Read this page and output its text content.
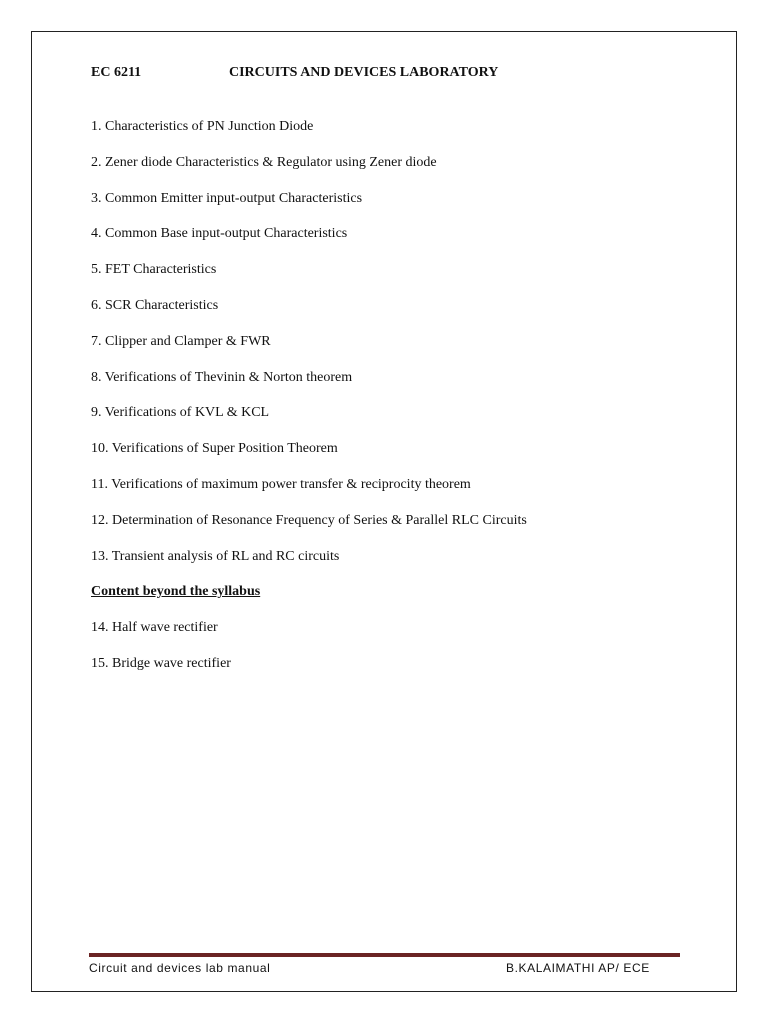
EC 6211	CIRCUITS AND DEVICES LABORATORY
1. Characteristics of PN Junction Diode
2. Zener diode Characteristics & Regulator using Zener diode
3. Common Emitter input-output Characteristics
4. Common Base input-output Characteristics
5. FET Characteristics
6. SCR Characteristics
7. Clipper and Clamper & FWR
8. Verifications of Thevinin & Norton theorem
9. Verifications of KVL & KCL
10. Verifications of Super Position Theorem
11. Verifications of maximum power transfer & reciprocity theorem
12. Determination of Resonance Frequency of Series & Parallel RLC Circuits
13. Transient analysis of RL and RC circuits
Content beyond the syllabus
14. Half wave rectifier
15. Bridge wave rectifier
Circuit and devices lab manual	B.KALAIMATHI AP/ ECE
